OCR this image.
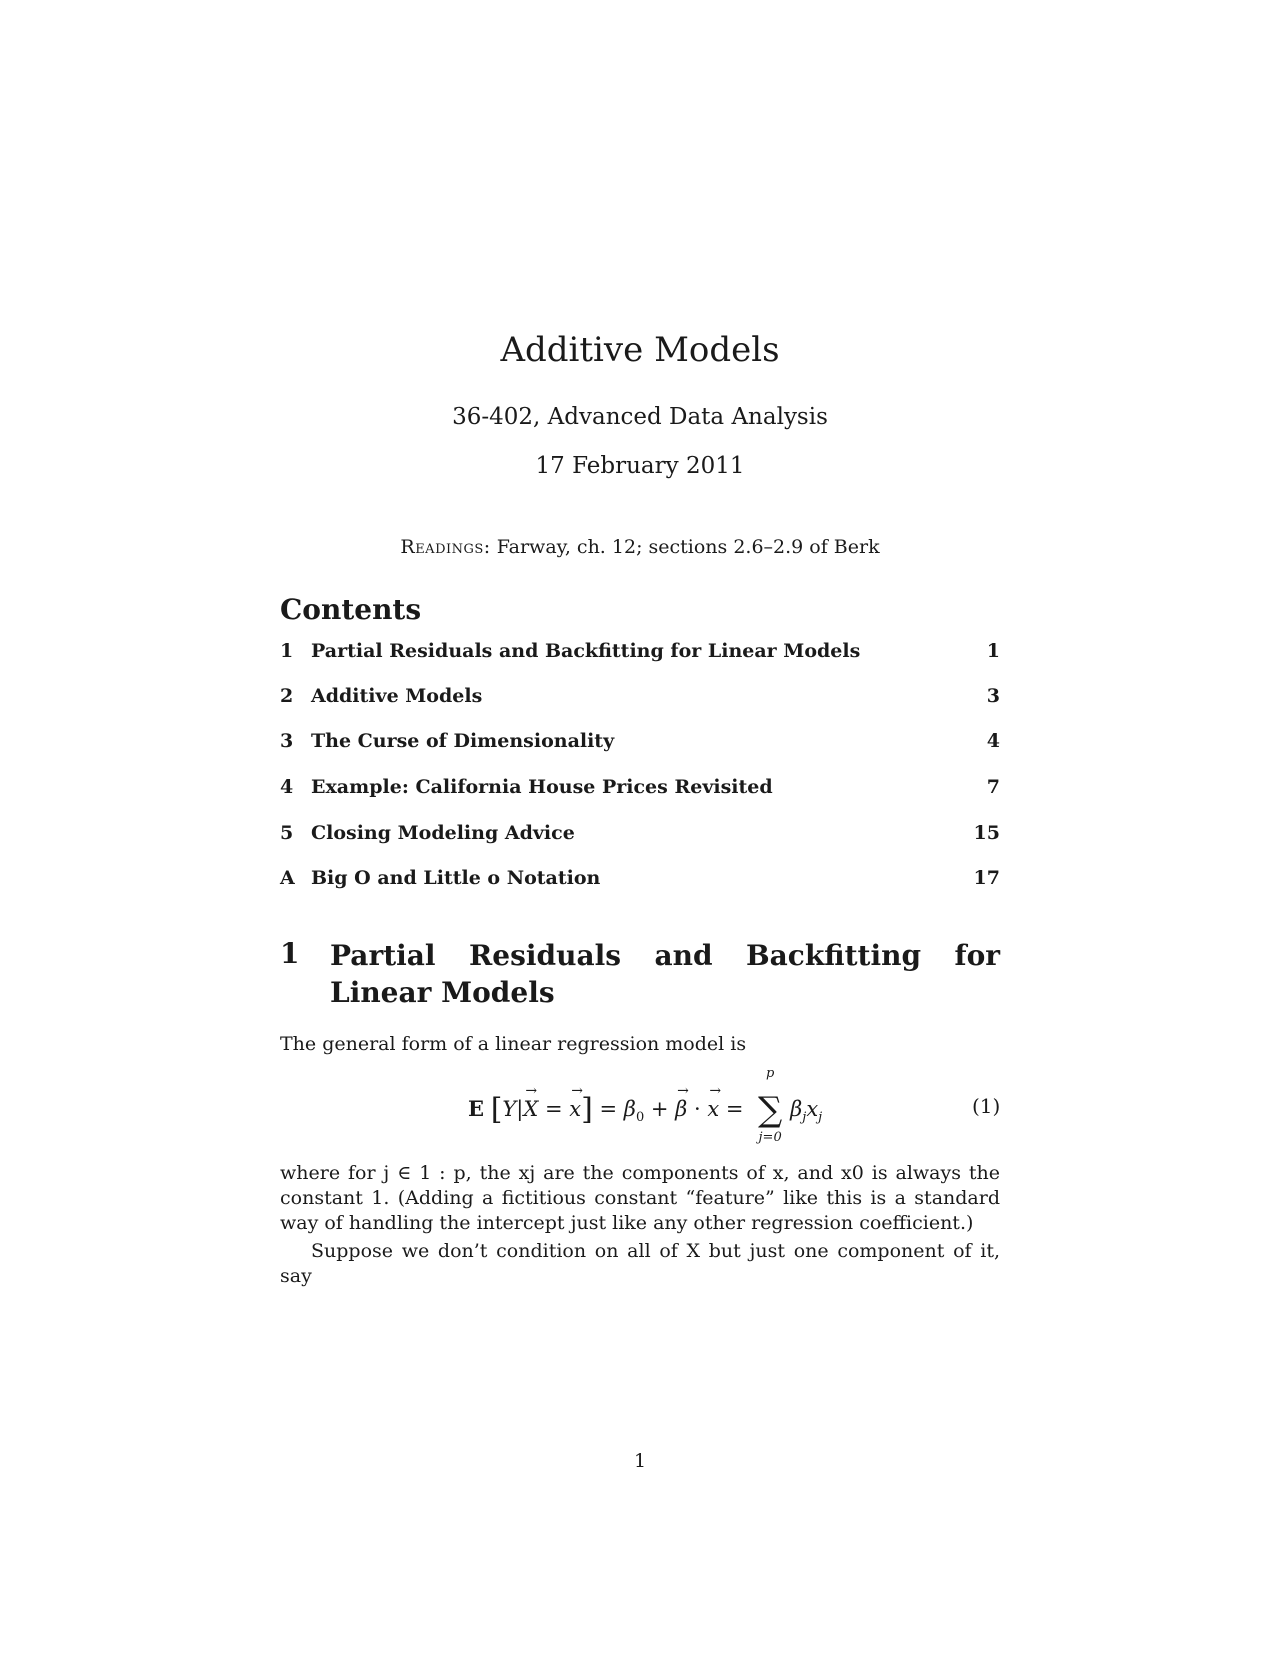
Additive Models
36-402, Advanced Data Analysis
17 February 2011
Readings: Farway, ch. 12; sections 2.6–2.9 of Berk
Contents
1 Partial Residuals and Backfitting for Linear Models	1
2 Additive Models	3
3 The Curse of Dimensionality	4
4 Example: California House Prices Revisited	7
5 Closing Modeling Advice	15
A Big O and Little o Notation	17
1 Partial Residuals and Backfitting for Linear Models

The general form of a linear regression model is

E [Y|→ X = → $x] = \beta_0$ + → β · → x =
p
∑
j=0
$\beta_jx_j$	(1)

where for j ∈ 1 : p, the xj are the components of x, and x0 is always the constant 1. (Adding a fictitious constant “feature” like this is a standard way of handling the intercept just like any other regression coefficient.)

Suppose we don’t condition on all of X but just one component of it, say

1
